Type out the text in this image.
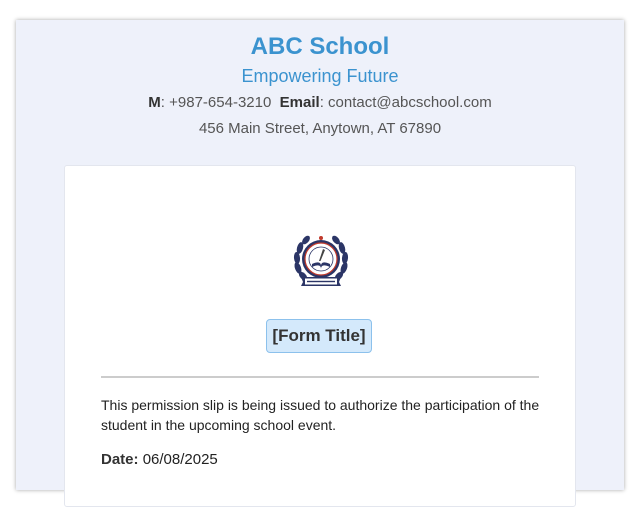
ABC School
Empowering Future
M: +987-654-3210 Email: contact@abcschool.com
456 Main Street, Anytown, AT 67890
[Form Title]
This permission slip is being issued to authorize the participation of the student in the upcoming school event.
Date: 06/08/2025
